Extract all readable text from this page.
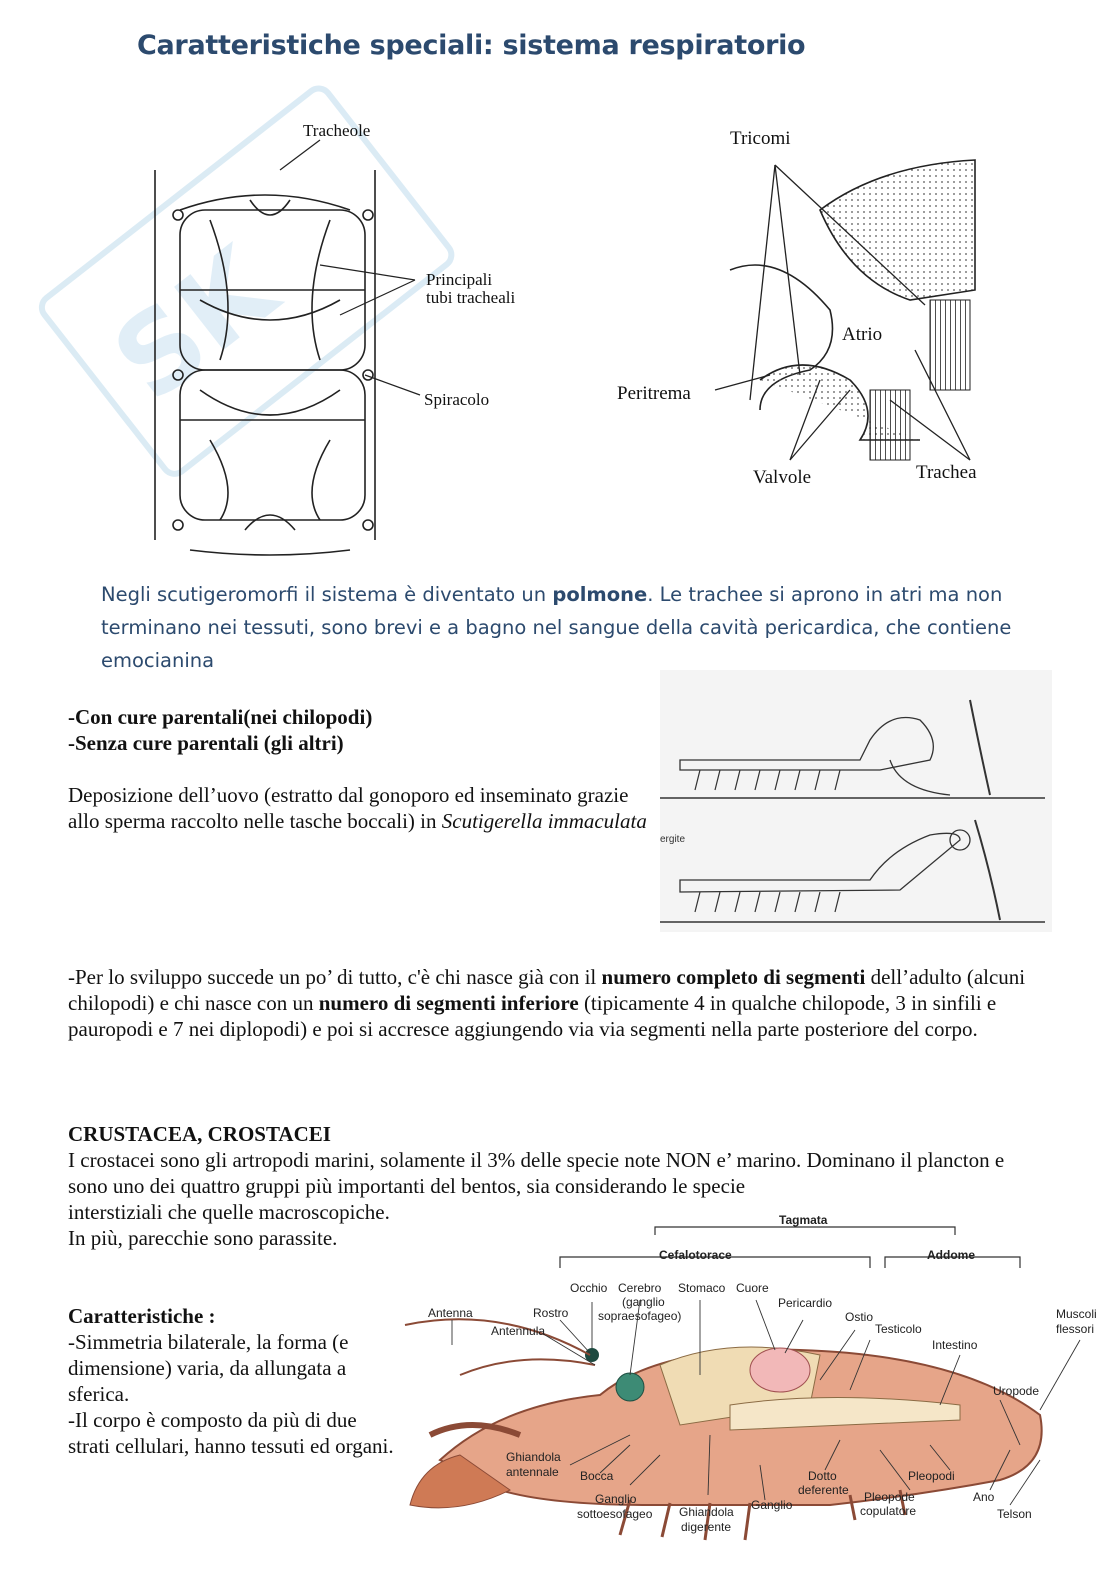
Caratteristiche speciali: sistema respiratorio
SK
Tracheole
Principali
tubi tracheali
Spiracolo
Tricomi
Atrio
Peritrema
Valvole	Trachea
Negli scutigeromorfi il sistema è diventato un polmone. Le trachee si aprono in atri ma non terminano nei tessuti, sono brevi e a bagno nel sangue della cavità pericardica, che contiene emocianina
-Con cure parentali(nei chilopodi)
-Senza cure parentali (gli altri)
Deposizione dell’uovo (estratto dal gonoporo ed inseminato grazie allo sperma raccolto nelle tasche boccali) in Scutigerella immaculata
ergite
-Per lo sviluppo succede un po’ di tutto, c'è chi nasce già con il numero completo di segmenti dell’adulto (alcuni chilopodi) e chi nasce con un numero di segmenti inferiore (tipicamente 4 in qualche chilopode, 3 in sinfili e pauropodi e 7 nei diplopodi) e poi si accresce aggiungendo via via segmenti nella parte posteriore del corpo.
CRUSTACEA, CROSTACEI
I crostacei sono gli artropodi marini, solamente il 3% delle specie note NON e’ marino. Dominano il plancton e sono uno dei quattro gruppi più importanti del bentos, sia considerando le specie
interstiziali che quelle macroscopiche. In più, parecchie sono parassite.
Caratteristiche :
-Simmetria bilaterale, la forma (e dimensione) varia, da allungata a sferica.
-Il corpo è composto da più di due strati cellulari, hanno tessuti ed organi.
Tagmata
Cefalotorace	Addome
Occhio Cerebro
(ganglio
sopraesofageo)
Stomaco Cuore
Pericardio
Ostio
Testicolo
Intestino
Muscoli
flessori
Antenna	Rostro
Antennula
Uropode
Ghiandola
antennale Bocca
Ganglio
sottoesofageo Ghiandola
digerente
Ganglio
Dotto
deferente Pleopode
copulatore
Pleopodi
Ano
Telson
